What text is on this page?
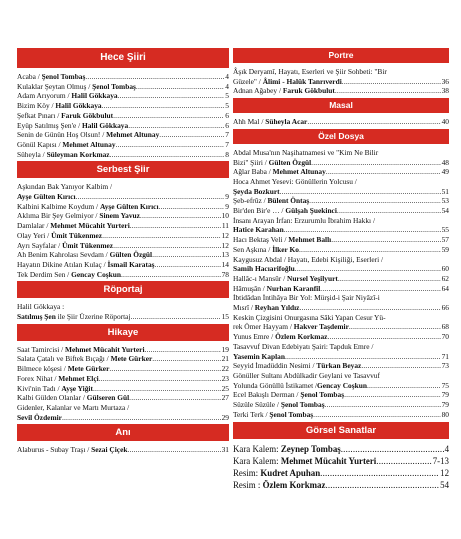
Hece Şiiri
Acaba / Şenol Tombaş .....	4
Kulaklar Şeytan Olmuş / Şenol Tombaş .....	4
Adam Arıyorum / Halil Gökkaya .....	5
Bizim Köy / Halil Gökkaya .....	5
Şefkat Pınarı / Faruk Gökbulut .....	6
Eyüp Satılmış Şen'e / Halil Gökkaya .....	6
Senin de Günün Hoş Olsun! / Mehmet Altunay .....	7
Gönül Kapısı / Mehmet Altunay .....	7
Süheyla / Süleyman Korkmaz .....	8
Serbest Şiir
Aşkından Bak Yanıyor Kalbim /
Ayşe Gülten Kırıcı .....	9
Kalbini Kalbime Koydum / Ayşe Gülten Kırıcı .....	9
Aklıma Bir Şey Gelmiyor / Sinem Yavuz .....	10
Damlalar / Mehmet Mücahit Yurteri .....	11
Olay Yeri / Ümit Tükenmez .....	12
Ayrı Sayfalar / Ümit Tükenmez .....	12
Ah Benim Kahrolası Sevdam / Gülten Özgül .....	13
Hayatın Dikine Atılan Kulaç / İsmail Karataş .....	14
Tek Derdim Sen / Gencay Coşkun .....	78
Röportaj
Halil Gökkaya :
Satılmış Şen ile Şiir Üzerine Röportaj .....	15
Hikaye
Saat Tamircisi / Mehmet Mücahit Yurteri .....	19
Salata Çatalı ve Biftek Bıçağı / Mete Gürker .....	21
Bilmece köşesi / Mete Gürker .....	22
Forex Nihat / Mehmet Elçi .....	23
Kivi'nin Tadı / Ayşe Yiğit .....	25
Kalbi Gülden Olanlar / Gülseren Gül .....	27
Gidenler, Kalanlar ve Martı Murtaza /
Sevil Özdemir .....	29
Anı
Alaburus - Subay Traşı / Sezai Çiçek .....	31
Portre
Âşık Deryamî, Hayatı, Eserleri ve Şiir Sohbeti: "Bir
Güzele" / Âlimi - Halûk Tanrıverdi .....	36
Adnan Ağabey / Faruk Gökbulut .....	38
Masal
Ahh Mal / Süheyla Acar .....	40
Özel Dosya
Abdal Musa'nın Naşihatnamesi ve "Kim Ne Bilir
Bizi" Şiiri / Gülten Özgül .....	48
Ağlar Baba / Mehmet Altunay .....	49
Hoca Ahmet Yesevi: Gönüllerin Yolcusu /
Şeyda Bozkurt .....	51
Şeb-efrûz / Bülent Öntaş .....	53
Bir'den Bir'e … / Gülşah Şuekinci .....	54
İnsanı Arayan İrfan: Erzurumlu İbrahim Hakkı /
Hatice Karahan .....	55
Hacı Bektaş Veli / Mehmet Ballı .....	57
Sen Aşkına / İlker Ko .....	59
Kaygusuz Abdal / Hayatı, Edebi Kişiliği, Eserleri /
Samih Hacıarifoğlu .....	60
Hallâc-ı Mansûr / Nursel Yeşilyurt .....	62
Hâmuşân / Nurhan Karanfil .....	64
İbtidâdan İntihâya Bir Yol: Mürşid-i Şair Niyâzî-i
Mısrî / Reyhan Yıldız .....	66
Keskin Çizgisini Onurgasına Sâki Yapan Cesur Yü-
rek Ömer Hayyam / Hakver Taşdemir .....	68
Yunus Emre / Özlem Korkmaz .....	70
Tasavvuf Divan Edebiyatı Şairi: Tapduk Emre /
Yasemin Kaplan .....	71
Seyyid İmadüddin Nesimi / Türkan Beyaz .....	73
Gönüller Sultanı Abdülkadir Geylani ve Tasavvuf
Yolunda Gönüllü İstikamet /Gencay Coşkun .....	75
Ecel Bakışlı Derman / Şenol Tombaş .....	79
Süzüle Süzüle / Şenol Tombaş .....	79
Terki Terk / Şenol Tombaş .....	80
Görsel Sanatlar
Kara Kalem: Zeynep Tombaş .....	4
Kara Kalem: Mehmet Mücahit Yurteri .....	7-13
Resim: Kudret Apuhan .....	12
Resim : Özlem Korkmaz .....	54
